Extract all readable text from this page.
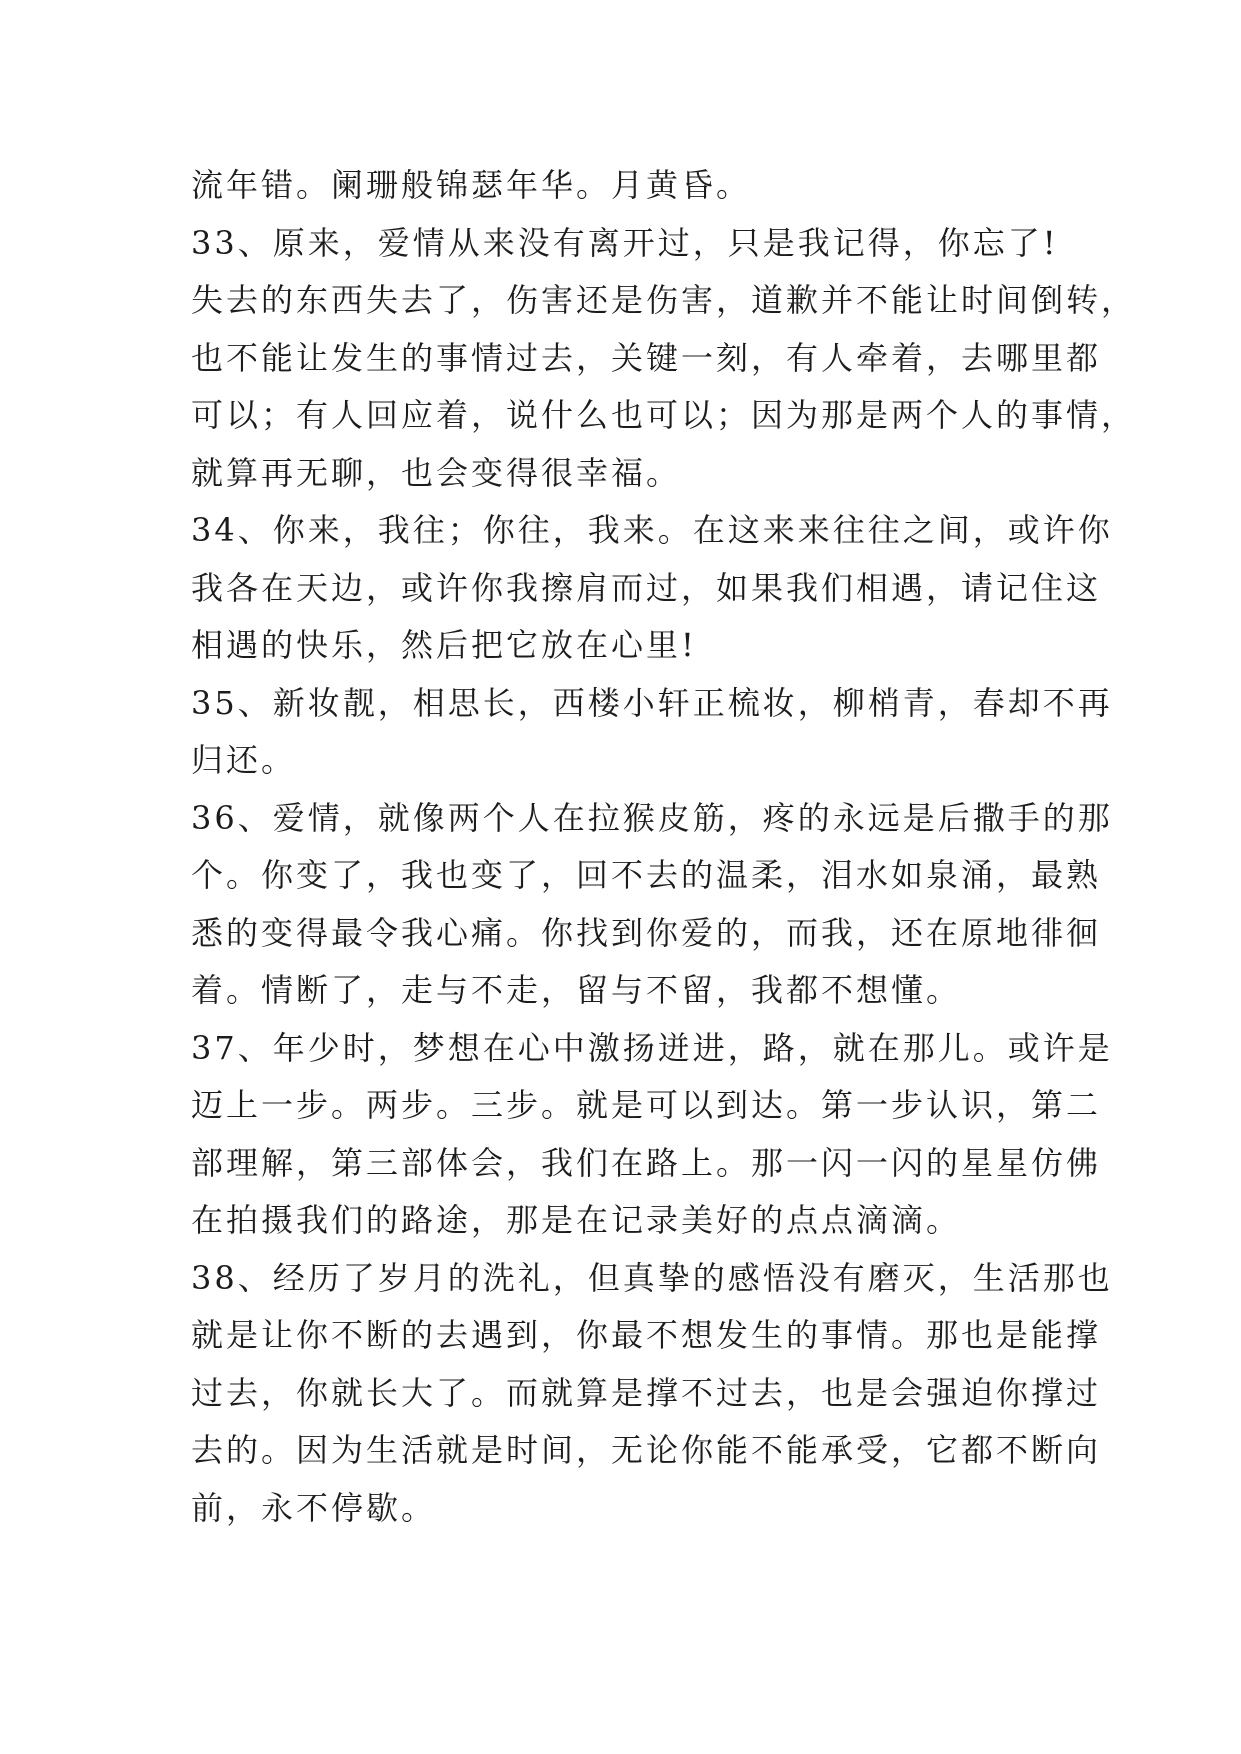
流年错。阑珊般锦瑟年华。月黄昏。
33、原来，爱情从来没有离开过，只是我记得，你忘了!
失去的东西失去了，伤害还是伤害，道歉并不能让时间倒转，
也不能让发生的事情过去，关键一刻，有人牵着，去哪里都
可以；有人回应着，说什么也可以；因为那是两个人的事情，
就算再无聊，也会变得很幸福。
34、你来，我往；你往，我来。在这来来往往之间，或许你
我各在天边，或许你我擦肩而过，如果我们相遇，请记住这
相遇的快乐，然后把它放在心里!
35、新妆靓，相思长，西楼小轩正梳妆，柳梢青，春却不再
归还。
36、爱情，就像两个人在拉猴皮筋，疼的永远是后撒手的那
个。你变了，我也变了，回不去的温柔，泪水如泉涌，最熟
悉的变得最令我心痛。你找到你爱的，而我，还在原地徘徊
着。情断了，走与不走，留与不留，我都不想懂。
37、年少时，梦想在心中激扬迸进，路，就在那儿。或许是
迈上一步。两步。三步。就是可以到达。第一步认识，第二
部理解，第三部体会，我们在路上。那一闪一闪的星星仿佛
在拍摄我们的路途，那是在记录美好的点点滴滴。
38、经历了岁月的洗礼，但真挚的感悟没有磨灭，生活那也
就是让你不断的去遇到，你最不想发生的事情。那也是能撑
过去，你就长大了。而就算是撑不过去，也是会强迫你撑过
去的。因为生活就是时间，无论你能不能承受，它都不断向
前，永不停歇。
